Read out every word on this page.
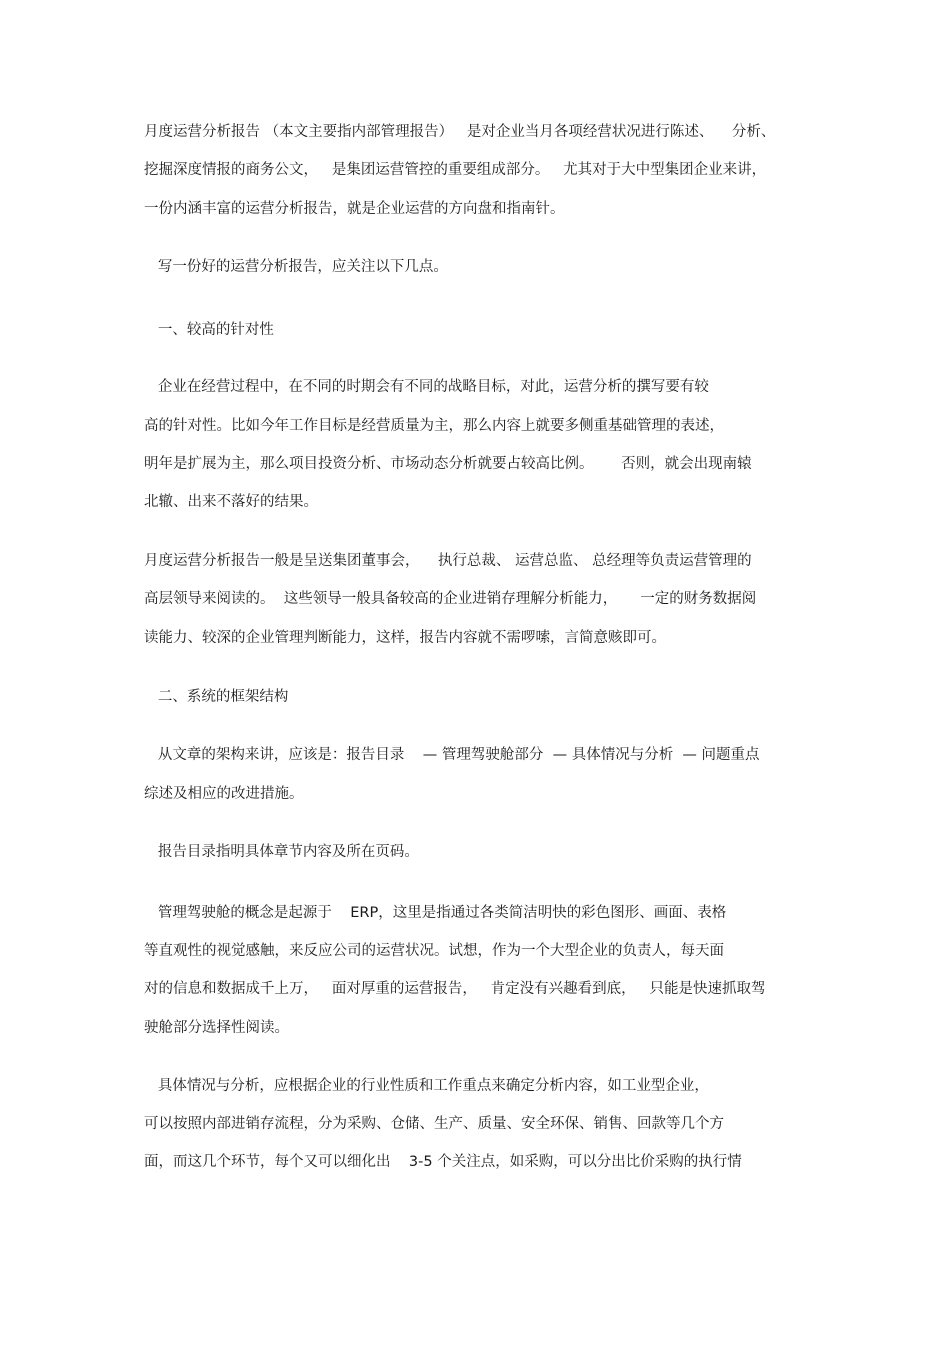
月度运营分析报告 （本文主要指内部管理报告）   是对企业当月各项经营状况进行陈述、    分析、
挖掘深度情报的商务公文，   是集团运营管控的重要组成部分。   尤其对于大中型集团企业来讲，
一份内涵丰富的运营分析报告，就是企业运营的方向盘和指南针。
写一份好的运营分析报告，应关注以下几点。
一、较高的针对性
企业在经营过程中，在不同的时期会有不同的战略目标，对此，运营分析的撰写要有较
高的针对性。比如今年工作目标是经营质量为主，那么内容上就要多侧重基础管理的表述，
明年是扩展为主，那么项目投资分析、市场动态分析就要占较高比例。      否则，就会出现南辕
北辙、出来不落好的结果。
月度运营分析报告一般是呈送集团董事会，    执行总裁、 运营总监、 总经理等负责运营管理的
高层领导来阅读的。  这些领导一般具备较高的企业进销存理解分析能力，     一定的财务数据阅
读能力、较深的企业管理判断能力，这样，报告内容就不需啰嗦，言简意赅即可。
二、系统的框架结构
从文章的架构来讲，应该是：报告目录    — 管理驾驶舱部分  — 具体情况与分析  — 问题重点
综述及相应的改进措施。
报告目录指明具体章节内容及所在页码。
管理驾驶舱的概念是起源于    ERP，这里是指通过各类简洁明快的彩色图形、画面、表格
等直观性的视觉感触，来反应公司的运营状况。试想，作为一个大型企业的负责人，每天面
对的信息和数据成千上万，   面对厚重的运营报告，   肯定没有兴趣看到底，   只能是快速抓取驾
驶舱部分选择性阅读。
具体情况与分析，应根据企业的行业性质和工作重点来确定分析内容，如工业型企业，
可以按照内部进销存流程，分为采购、仓储、生产、质量、安全环保、销售、回款等几个方
面，而这几个环节，每个又可以细化出    3-5 个关注点，如采购，可以分出比价采购的执行情
